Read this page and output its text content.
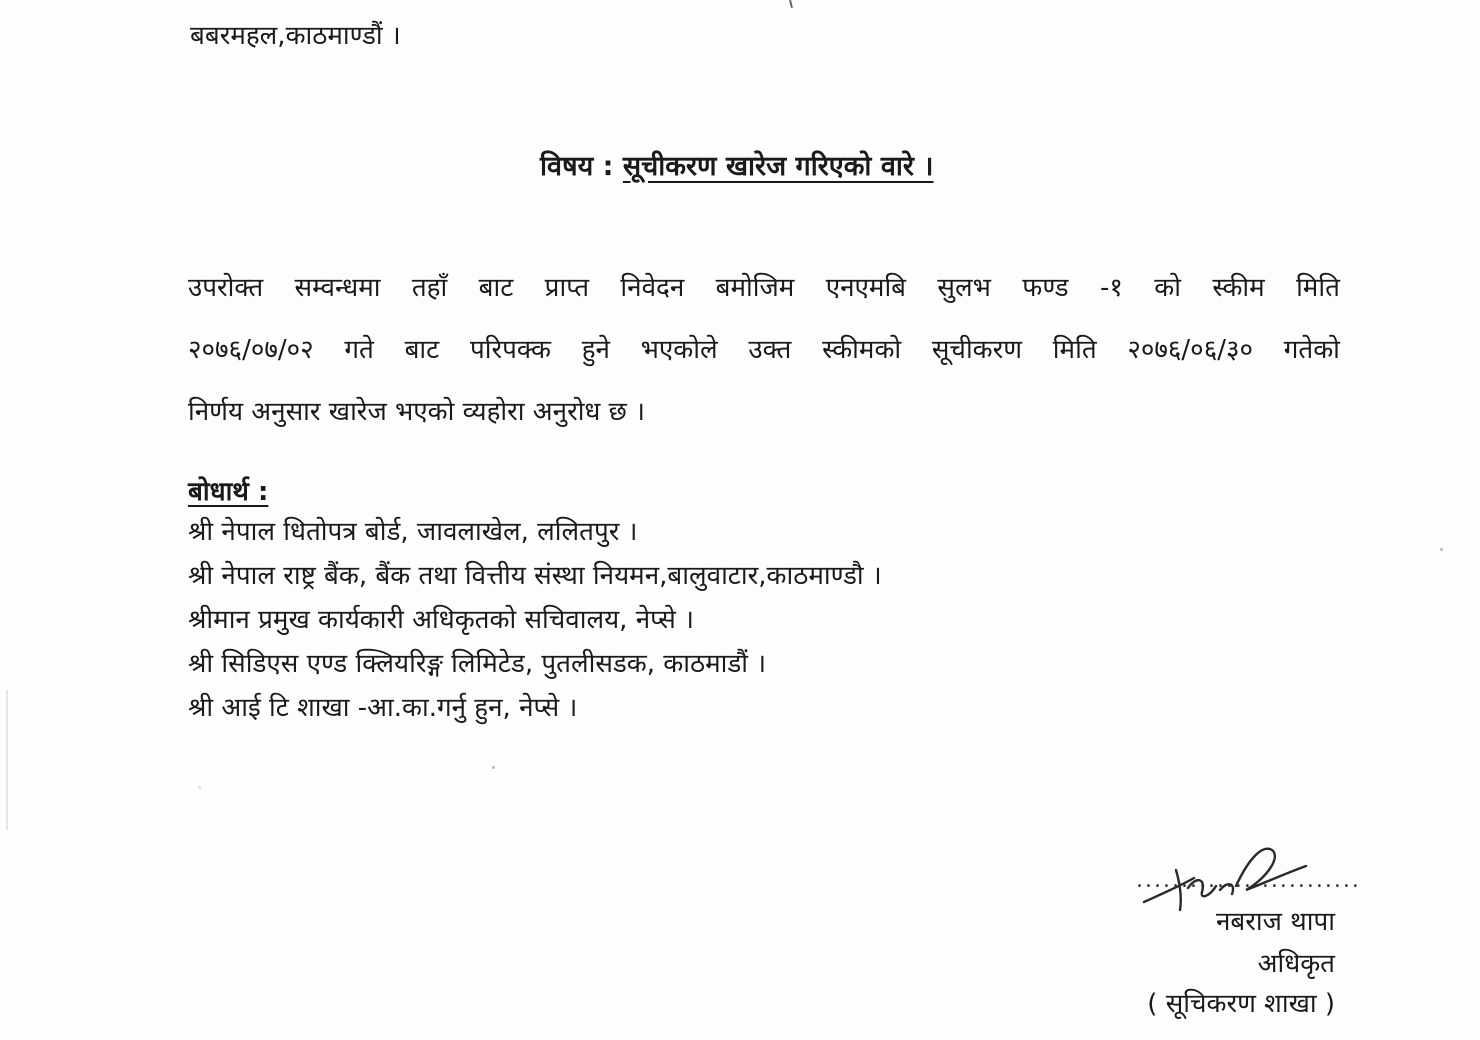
बबरमहल,काठमाण्डौं ।
विषय : सूचीकरण खारेज गरिएको वारे ।
उपरोक्त सम्वन्धमा तहाँ बाट प्राप्त निवेदन बमोजिम एनएमबि सुलभ फण्ड -१ को स्कीम मिति
२०७६/०७/०२ गते बाट परिपक्क हुने भएकोले उक्त स्कीमको सूचीकरण मिति २०७६/०६/३० गतेको
निर्णय अनुसार खारेज भएको व्यहोरा अनुरोध छ ।
बोधार्थ :
श्री नेपाल धितोपत्र बोर्ड, जावलाखेल, ललितपुर ।
श्री नेपाल राष्ट्र बैंक, बैंक तथा वित्तीय संस्था नियमन,बालुवाटार,काठमाण्डौ ।
श्रीमान प्रमुख कार्यकारी अधिकृतको सचिवालय, नेप्से ।
श्री सिडिएस एण्ड क्लियरिङ्ग लिमिटेड, पुतलीसडक, काठमाडौं ।
श्री आई टि शाखा -आ.का.गर्नु हुन, नेप्से ।
.........................
नबराज थापा
अधिकृत
( सूचिकरण शाखा )
